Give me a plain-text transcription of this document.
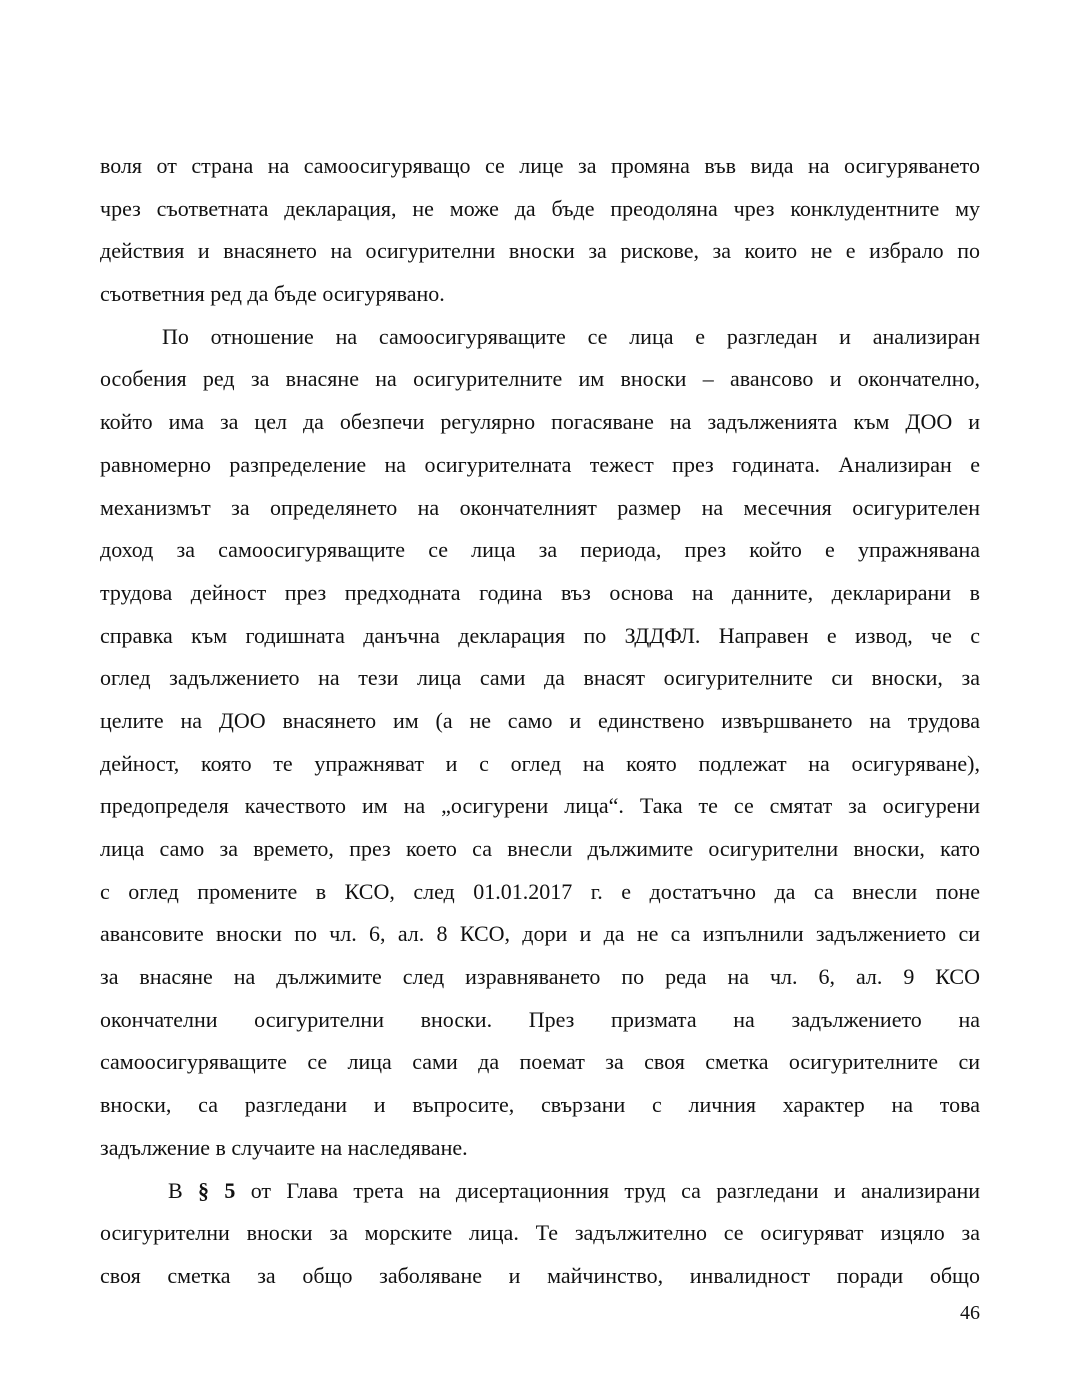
воля от страна на самоосигуряващо се лице за промяна във вида на осигуряването
чрез съответната декларация, не може да бъде преодоляна чрез конклудентните му
действия и внасянето на осигурителни вноски за рискове, за които не е избрало по
съответния ред да бъде осигурявано.
По отношение на самоосигуряващите се лица е разгледан и анализиран
особения ред за внасяне на осигурителните им вноски – авансово и окончателно,
който има за цел да обезпечи регулярно погасяване на задълженията към ДОО и
равномерно разпределение на осигурителната тежест през годината. Анализиран е
механизмът за определянето на окончателният размер на месечния осигурителен
доход за самоосигуряващите се лица за периода, през който е упражнявана
трудова дейност през предходната година въз основа на данните, декларирани в
справка към годишната данъчна декларация по ЗДДФЛ. Направен е извод, че с
оглед задължението на тези лица сами да внасят осигурителните си вноски, за
целите на ДОО внасянето им (а не само и единствено извършването на трудова
дейност, която те упражняват и с оглед на която подлежат на осигуряване),
предопределя качеството им на „осигурени лица“. Така те се смятат за осигурени
лица само за времето, през което са внесли дължимите осигурителни вноски, като
с оглед промените в КСО, след 01.01.2017 г. е достатъчно да са внесли поне
авансовите вноски по чл. 6, ал. 8 КСО, дори и да не са изпълнили задължението си
за внасяне на дължимите след изравняването по реда на чл. 6, ал. 9 КСО
окончателни осигурителни вноски. През призмата на задължението на
самоосигуряващите се лица сами да поемат за своя сметка осигурителните си
вноски, са разгледани и въпросите, свързани с личния характер на това
задължение в случаите на наследяване.
В § 5 от Глава трета на дисертационния труд са разгледани и анализирани
осигурителни вноски за морските лица. Те задължително се осигуряват изцяло за
своя сметка за общо заболяване и майчинство, инвалидност поради общо
46
